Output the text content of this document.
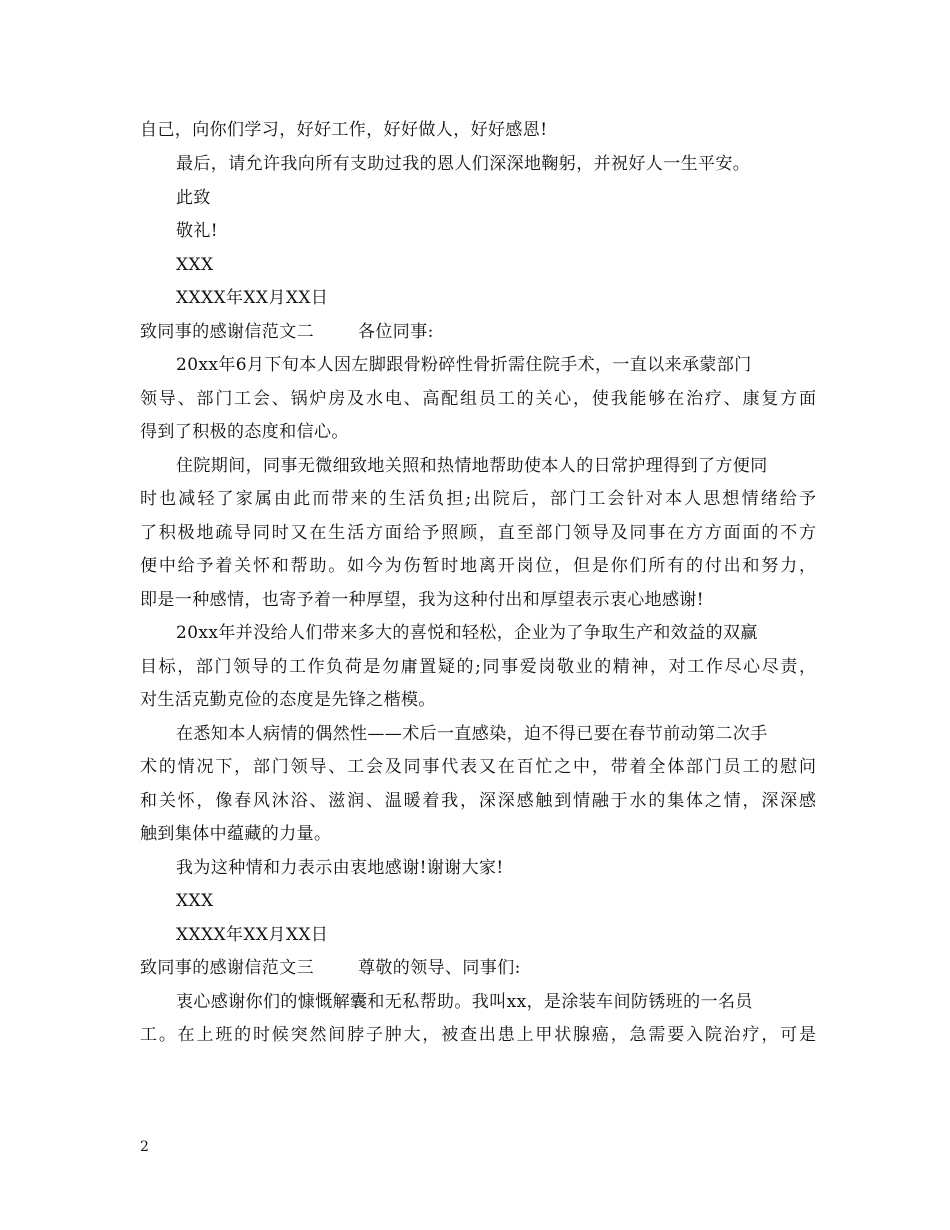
自己，向你们学习，好好工作，好好做人，好好感恩!
最后，请允许我向所有支助过我的恩人们深深地鞠躬，并祝好人一生平安。
此致
敬礼!
XXX
XXXX年XX月XX日
致同事的感谢信范文二	各位同事:
20xx年6月下旬本人因左脚跟骨粉碎性骨折需住院手术，一直以来承蒙部门
领导、部门工会、锅炉房及水电、高配组员工的关心，使我能够在治疗、康复方面
得到了积极的态度和信心。
住院期间，同事无微细致地关照和热情地帮助使本人的日常护理得到了方便同
时也减轻了家属由此而带来的生活负担;出院后，部门工会针对本人思想情绪给予
了积极地疏导同时又在生活方面给予照顾，直至部门领导及同事在方方面面的不方
便中给予着关怀和帮助。如今为伤暂时地离开岗位，但是你们所有的付出和努力，
即是一种感情，也寄予着一种厚望，我为这种付出和厚望表示衷心地感谢!
20xx年并没给人们带来多大的喜悦和轻松，企业为了争取生产和效益的双赢
目标，部门领导的工作负荷是勿庸置疑的;同事爱岗敬业的精神，对工作尽心尽责，
对生活克勤克俭的态度是先锋之楷模。
在悉知本人病情的偶然性——术后一直感染，迫不得已要在春节前动第二次手
术的情况下，部门领导、工会及同事代表又在百忙之中，带着全体部门员工的慰问
和关怀，像春风沐浴、滋润、温暖着我，深深感触到情融于水的集体之情，深深感
触到集体中蕴藏的力量。
我为这种情和力表示由衷地感谢!谢谢大家!
XXX
XXXX年XX月XX日
致同事的感谢信范文三	尊敬的领导、同事们:
衷心感谢你们的慷慨解囊和无私帮助。我叫xx，是涂装车间防锈班的一名员
工。在上班的时候突然间脖子肿大，被查出患上甲状腺癌，急需要入院治疗，可是
2
